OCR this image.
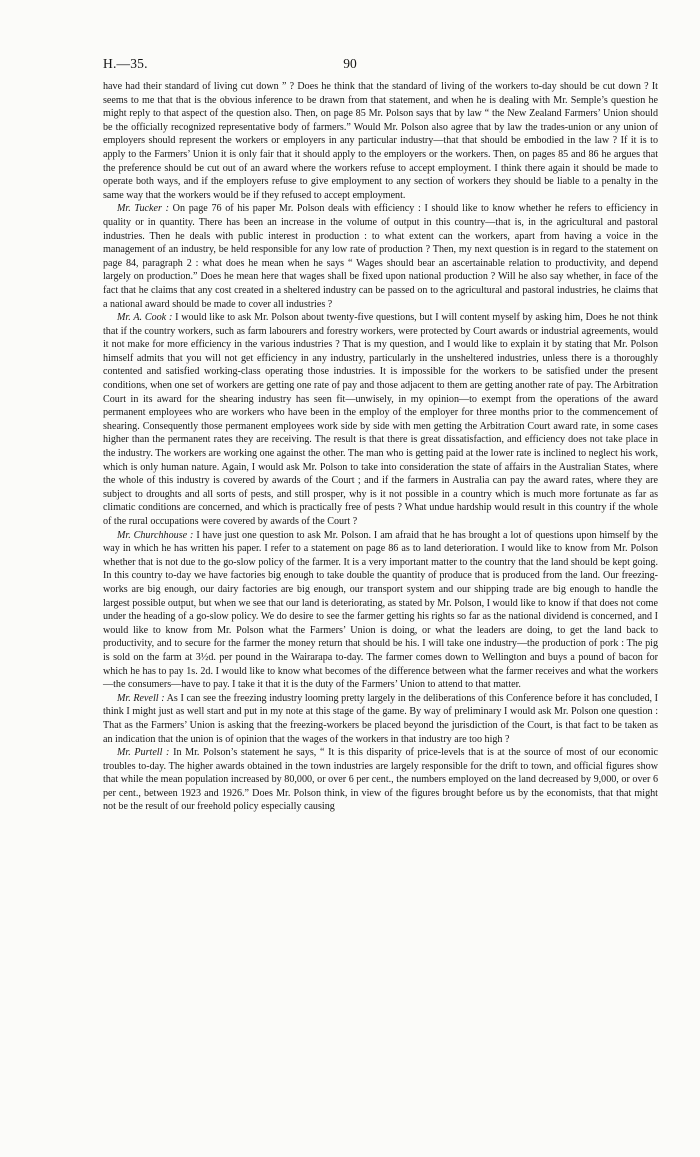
H.—35.	90

have had their standard of living cut down ” ? Does he think that the standard of living of the workers to-day should be cut down ? It seems to me that that is the obvious inference to be drawn from that statement, and when he is dealing with Mr. Semple’s question he might reply to that aspect of the question also. Then, on page 85 Mr. Polson says that by law “ the New Zealand Farmers’ Union should be the officially recognized representative body of farmers.” Would Mr. Polson also agree that by law the trades-union or any union of employers should represent the workers or employers in any particular industry—that that should be embodied in the law ? If it is to apply to the Farmers’ Union it is only fair that it should apply to the employers or the workers. Then, on pages 85 and 86 he argues that the preference should be cut out of an award where the workers refuse to accept employment. I think there again it should be made to operate both ways, and if the employers refuse to give employment to any section of workers they should be liable to a penalty in the same way that the workers would be if they refused to accept employment.

Mr. Tucker : On page 76 of his paper Mr. Polson deals with efficiency : I should like to know whether he refers to efficiency in quality or in quantity. There has been an increase in the volume of output in this country—that is, in the agricultural and pastoral industries. Then he deals with public interest in production : to what extent can the workers, apart from having a voice in the management of an industry, be held responsible for any low rate of production ? Then, my next question is in regard to the statement on page 84, paragraph 2 : what does he mean when he says “ Wages should bear an ascertainable relation to productivity, and depend largely on production.” Does he mean here that wages shall be fixed upon national production ? Will he also say whether, in face of the fact that he claims that any cost created in a sheltered industry can be passed on to the agricultural and pastoral industries, he claims that a national award should be made to cover all industries ?

Mr. A. Cook : I would like to ask Mr. Polson about twenty-five questions, but I will content myself by asking him, Does he not think that if the country workers, such as farm labourers and forestry workers, were protected by Court awards or industrial agreements, would it not make for more efficiency in the various industries ? That is my question, and I would like to explain it by stating that Mr. Polson himself admits that you will not get efficiency in any industry, particularly in the unsheltered industries, unless there is a thoroughly contented and satisfied working-class operating those industries. It is impossible for the workers to be satisfied under the present conditions, when one set of workers are getting one rate of pay and those adjacent to them are getting another rate of pay. The Arbitration Court in its award for the shearing industry has seen fit—unwisely, in my opinion—to exempt from the operations of the award permanent employees who are workers who have been in the employ of the employer for three months prior to the commencement of shearing. Consequently those permanent employees work side by side with men getting the Arbitration Court award rate, in some cases higher than the permanent rates they are receiving. The result is that there is great dissatisfaction, and efficiency does not take place in the industry. The workers are working one against the other. The man who is getting paid at the lower rate is inclined to neglect his work, which is only human nature. Again, I would ask Mr. Polson to take into consideration the state of affairs in the Australian States, where the whole of this industry is covered by awards of the Court ; and if the farmers in Australia can pay the award rates, where they are subject to droughts and all sorts of pests, and still prosper, why is it not possible in a country which is much more fortunate as far as climatic conditions are concerned, and which is practically free of pests ? What undue hardship would result in this country if the whole of the rural occupations were covered by awards of the Court ?

Mr. Churchhouse : I have just one question to ask Mr. Polson. I am afraid that he has brought a lot of questions upon himself by the way in which he has written his paper. I refer to a statement on page 86 as to land deterioration. I would like to know from Mr. Polson whether that is not due to the go-slow policy of the farmer. It is a very important matter to the country that the land should be kept going. In this country to-day we have factories big enough to take double the quantity of produce that is produced from the land. Our freezing-works are big enough, our dairy factories are big enough, our transport system and our shipping trade are big enough to handle the largest possible output, but when we see that our land is deteriorating, as stated by Mr. Polson, I would like to know if that does not come under the heading of a go-slow policy. We do desire to see the farmer getting his rights so far as the national dividend is concerned, and I would like to know from Mr. Polson what the Farmers’ Union is doing, or what the leaders are doing, to get the land back to productivity, and to secure for the farmer the money return that should be his. I will take one industry—the production of pork : The pig is sold on the farm at 3½d. per pound in the Wairarapa to-day. The farmer comes down to Wellington and buys a pound of bacon for which he has to pay 1s. 2d. I would like to know what becomes of the difference between what the farmer receives and what the workers—the consumers—have to pay. I take it that it is the duty of the Farmers’ Union to attend to that matter.

Mr. Revell : As I can see the freezing industry looming pretty largely in the deliberations of this Conference before it has concluded, I think I might just as well start and put in my note at this stage of the game. By way of preliminary I would ask Mr. Polson one question : That as the Farmers’ Union is asking that the freezing-workers be placed beyond the jurisdiction of the Court, is that fact to be taken as an indication that the union is of opinion that the wages of the workers in that industry are too high ?

Mr. Purtell : In Mr. Polson’s statement he says, “ It is this disparity of price-levels that is at the source of most of our economic troubles to-day. The higher awards obtained in the town industries are largely responsible for the drift to town, and official figures show that while the mean population increased by 80,000, or over 6 per cent., the numbers employed on the land decreased by 9,000, or over 6 per cent., between 1923 and 1926.” Does Mr. Polson think, in view of the figures brought before us by the economists, that that might not be the result of our freehold policy especially causing
